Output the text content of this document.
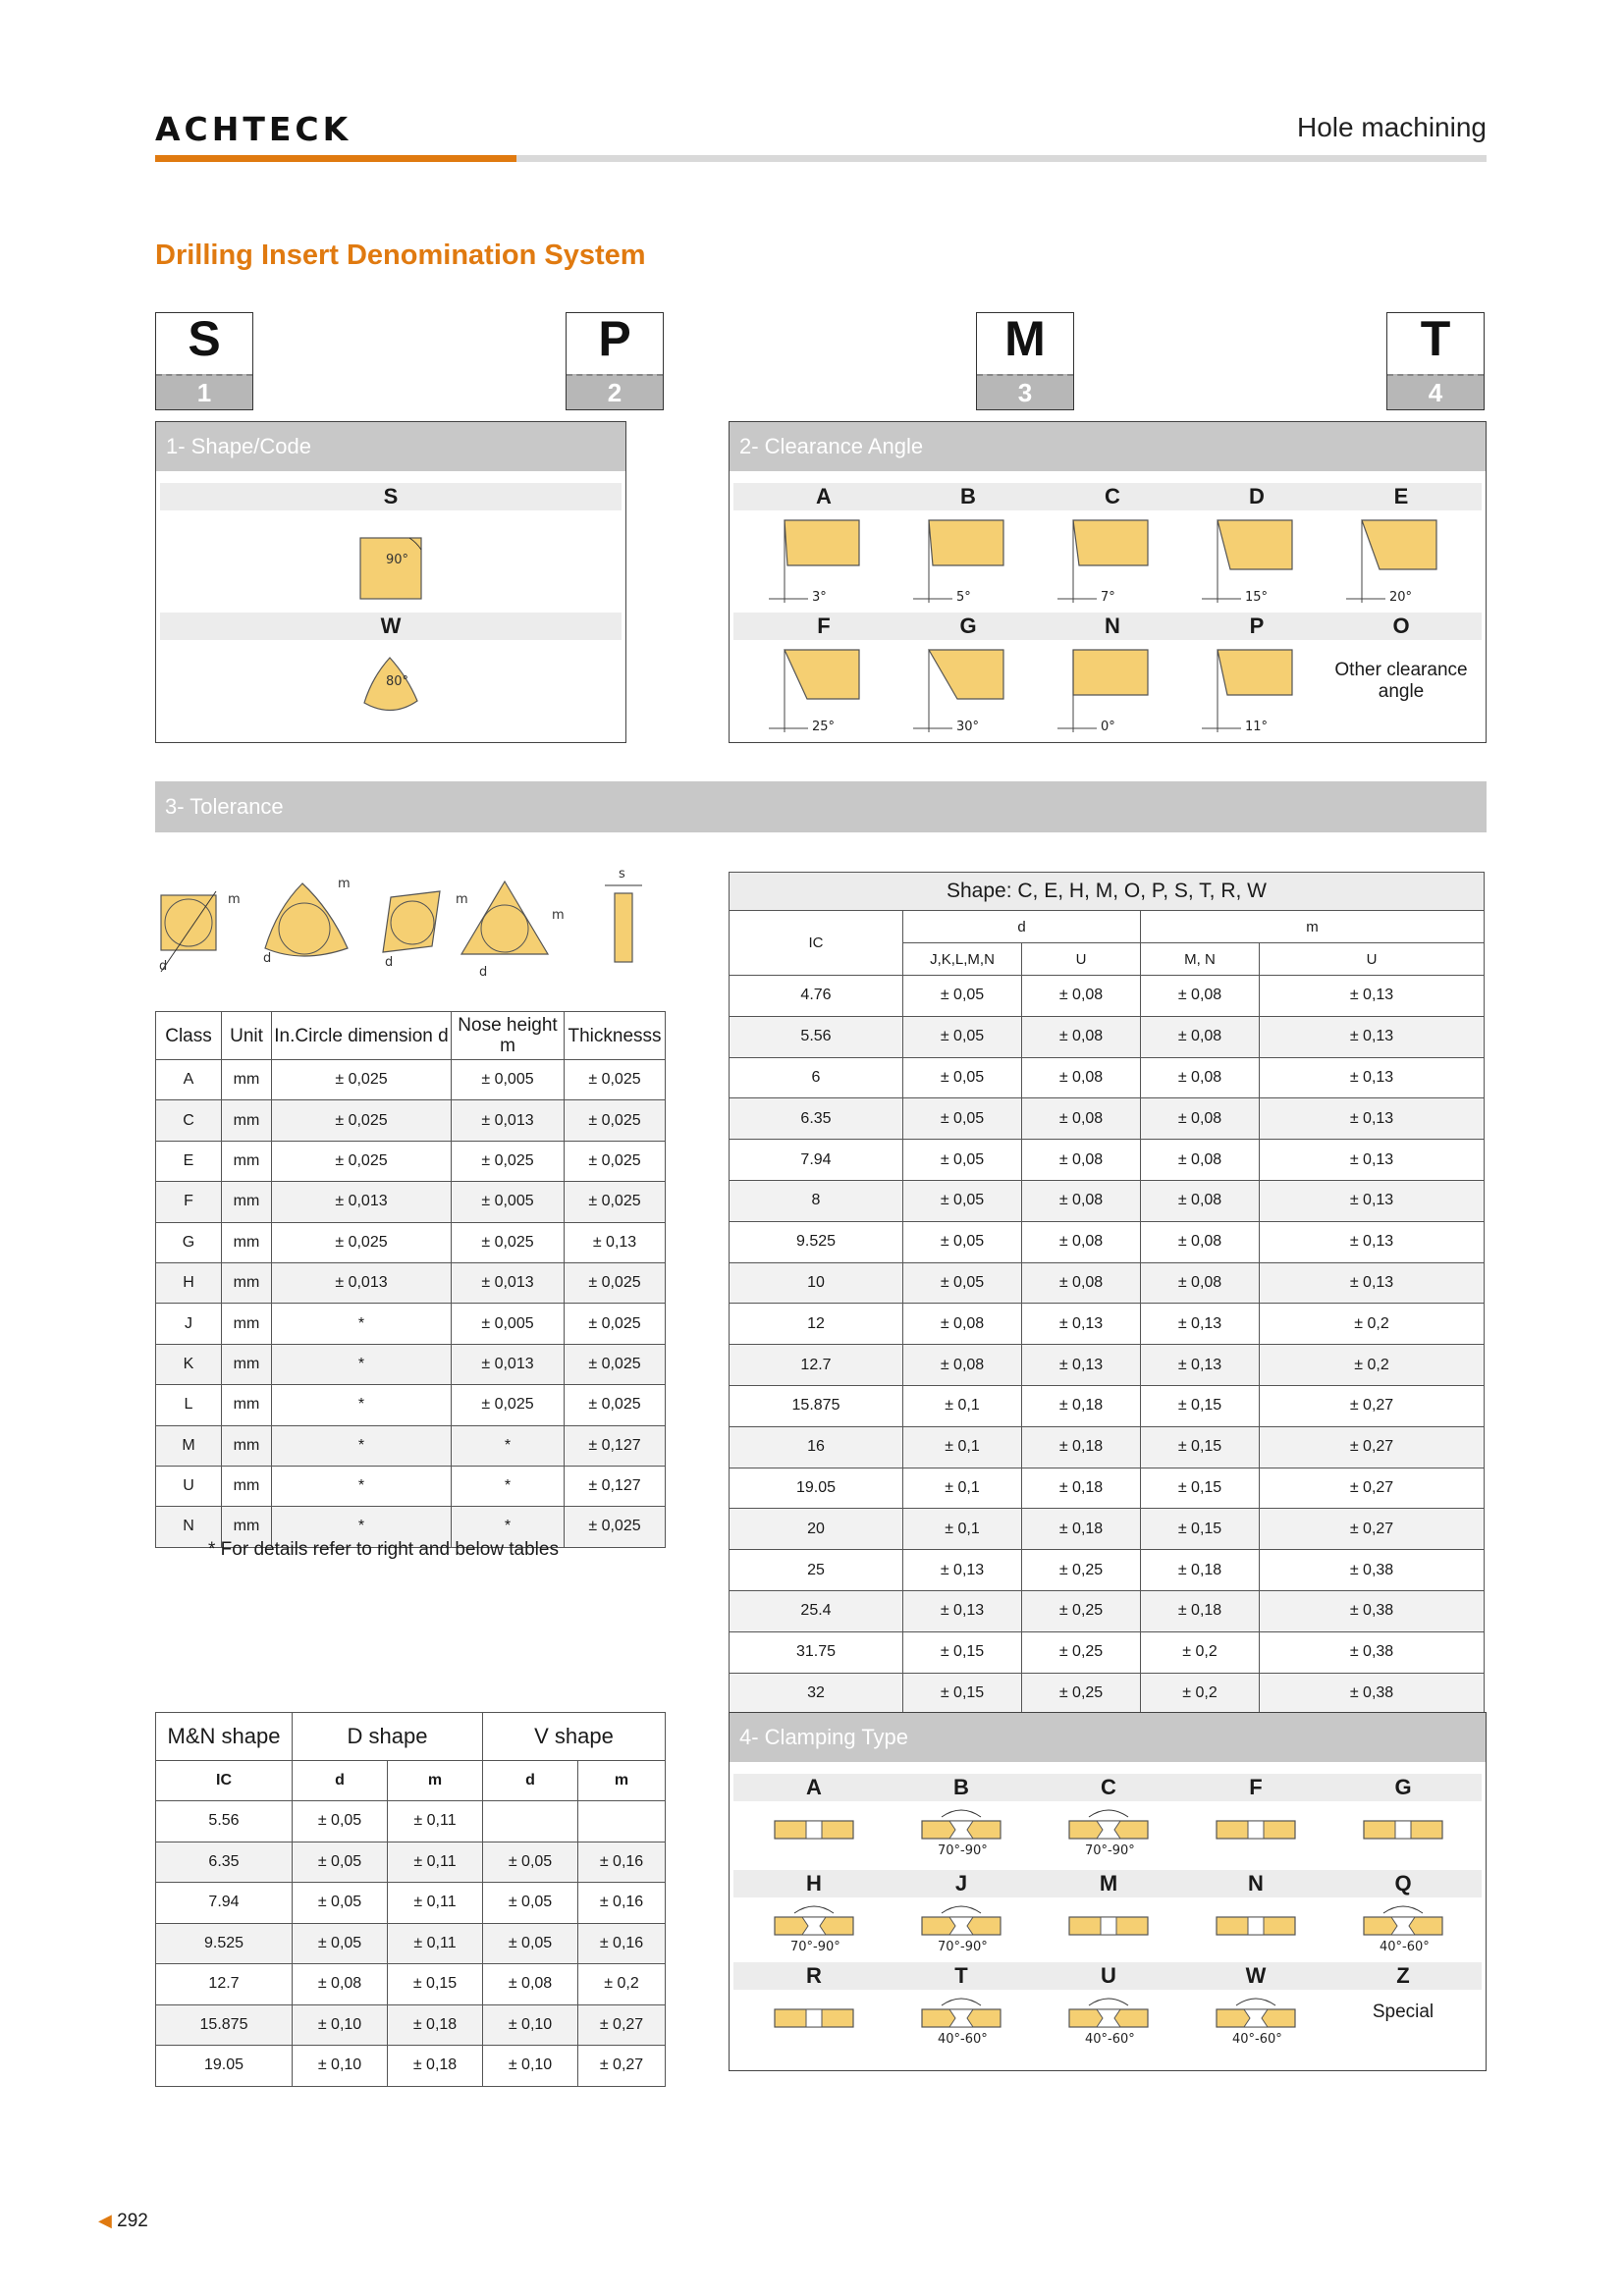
ACHTECK	Hole machining
Drilling Insert Denomination System
S
1
P
2
M
3
T
4
1- Shape/Code
S
90°
W
80°
2- Clearance Angle
A
3°
B
5°
C
7°
D
15°
E
20°
F
25°
G
30°
N
0°
P
11°
O
Other clearance angle
3- Tolerance
d
m
d
m
d
m
d
m
s
Class	Unit	In.Circle dimension d	Nose height m	Thicknesss
A	mm	± 0,025	± 0,005	± 0,025
C	mm	± 0,025	± 0,013	± 0,025
E	mm	± 0,025	± 0,025	± 0,025
F	mm	± 0,013	± 0,005	± 0,025
G	mm	± 0,025	± 0,025	± 0,13
H	mm	± 0,013	± 0,013	± 0,025
J	mm	*	± 0,005	± 0,025
K	mm	*	± 0,013	± 0,025
L	mm	*	± 0,025	± 0,025
M	mm	*	*	± 0,127
U	mm	*	*	± 0,127
N	mm	*	*	± 0,025
* For details refer to right and below tables
Shape: C, E, H, M, O, P, S, T, R, W				
IC	d		m	
	J,K,L,M,N	U	M, N	U
4.76	± 0,05	± 0,08	± 0,08	± 0,13
5.56	± 0,05	± 0,08	± 0,08	± 0,13
6	± 0,05	± 0,08	± 0,08	± 0,13
6.35	± 0,05	± 0,08	± 0,08	± 0,13
7.94	± 0,05	± 0,08	± 0,08	± 0,13
8	± 0,05	± 0,08	± 0,08	± 0,13
9.525	± 0,05	± 0,08	± 0,08	± 0,13
10	± 0,05	± 0,08	± 0,08	± 0,13
12	± 0,08	± 0,13	± 0,13	± 0,2
12.7	± 0,08	± 0,13	± 0,13	± 0,2
15.875	± 0,1	± 0,18	± 0,15	± 0,27
16	± 0,1	± 0,18	± 0,15	± 0,27
19.05	± 0,1	± 0,18	± 0,15	± 0,27
20	± 0,1	± 0,18	± 0,15	± 0,27
25	± 0,13	± 0,25	± 0,18	± 0,38
25.4	± 0,13	± 0,25	± 0,18	± 0,38
31.75	± 0,15	± 0,25	± 0,2	± 0,38
32	± 0,15	± 0,25	± 0,2	± 0,38
M&N shape	D shape		V shape	
IC	d	m	d	m
5.56	± 0,05	± 0,11		
6.35	± 0,05	± 0,11	± 0,05	± 0,16
7.94	± 0,05	± 0,11	± 0,05	± 0,16
9.525	± 0,05	± 0,11	± 0,05	± 0,16
12.7	± 0,08	± 0,15	± 0,08	± 0,2
15.875	± 0,10	± 0,18	± 0,10	± 0,27
19.05	± 0,10	± 0,18	± 0,10	± 0,27
4- Clamping Type
A	B
70°-90°
C
70°-90°
F	G
H
70°-90°
J
70°-90°
M	N	Q
40°-60°
R	T
40°-60°
U
40°-60°
W
40°-60°
Z
Special
◀ 292
